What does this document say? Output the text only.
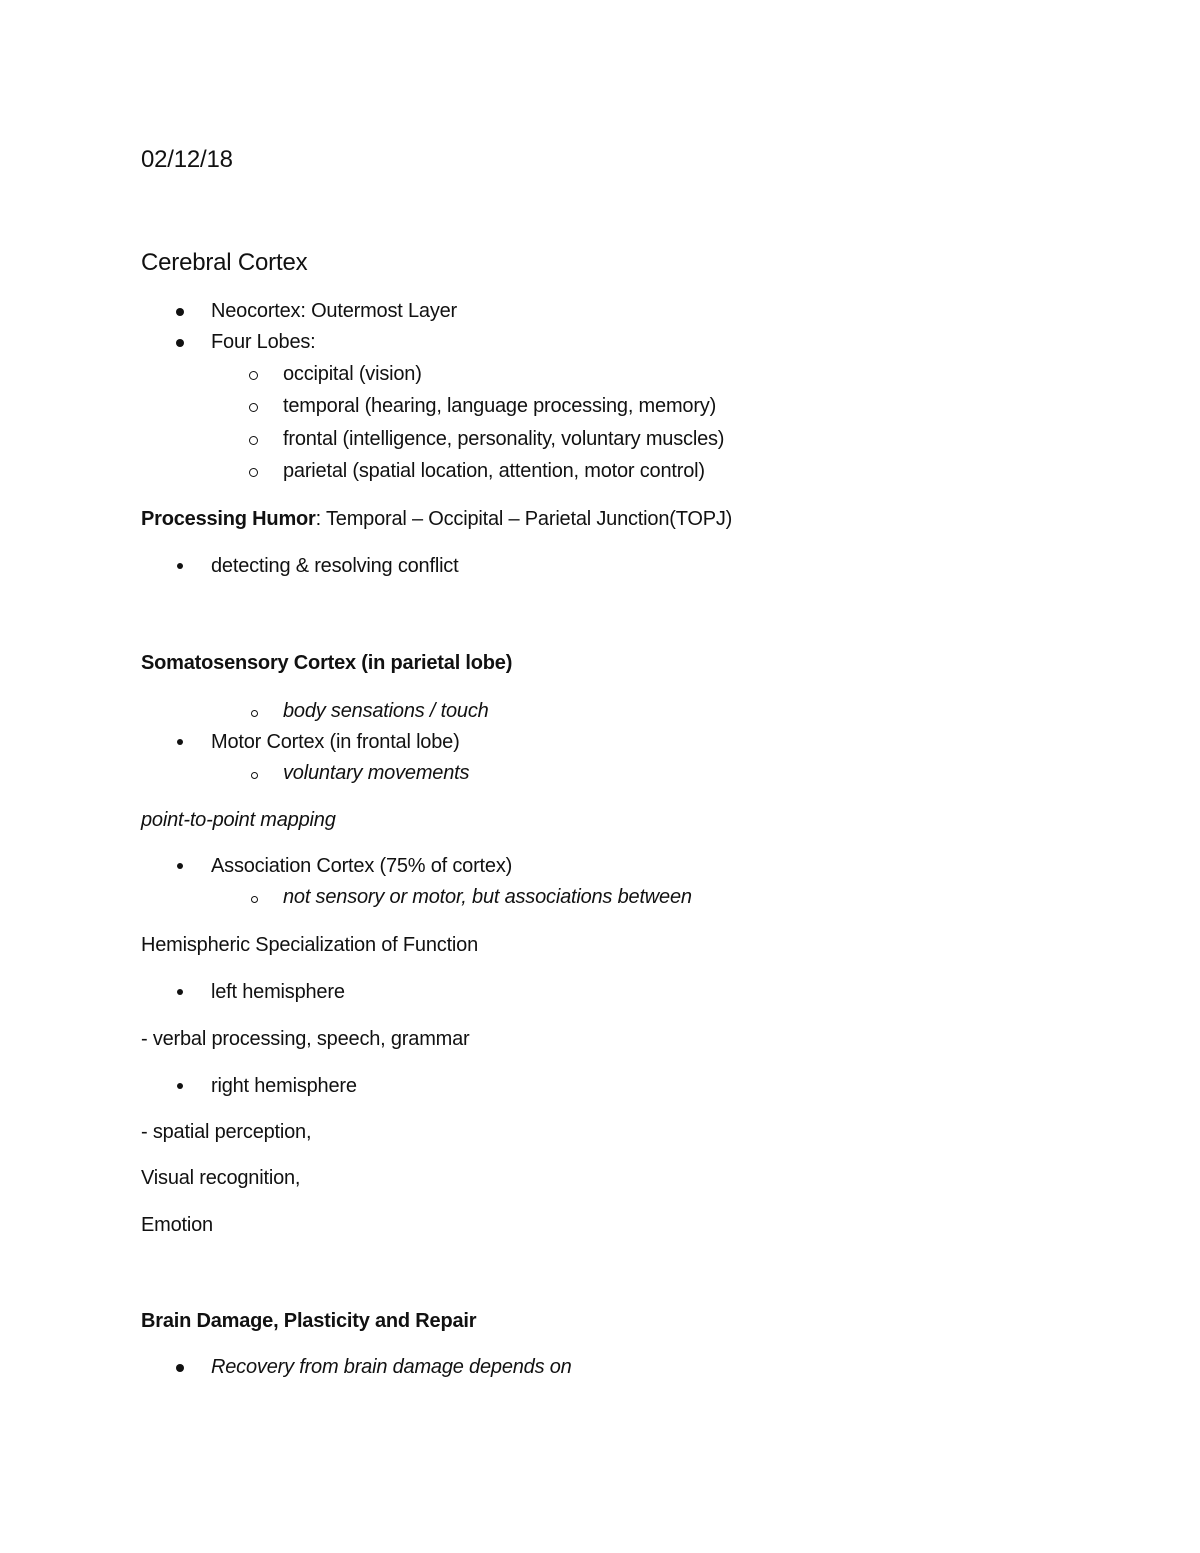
02/12/18
Cerebral Cortex
Neocortex: Outermost Layer
Four Lobes:
occipital (vision)
temporal (hearing, language processing, memory)
frontal (intelligence, personality, voluntary muscles)
parietal (spatial location, attention, motor control)
Processing Humor: Temporal – Occipital – Parietal Junction(TOPJ)
detecting & resolving conflict
Somatosensory Cortex (in parietal lobe)
body sensations / touch
Motor Cortex (in frontal lobe)
voluntary movements
point-to-point mapping
Association Cortex (75% of cortex)
not sensory or motor, but associations between
Hemispheric Specialization of Function
left hemisphere
- verbal processing, speech, grammar
right hemisphere
- spatial perception,
Visual recognition,
Emotion
Brain Damage, Plasticity and Repair
Recovery from brain damage depends on
